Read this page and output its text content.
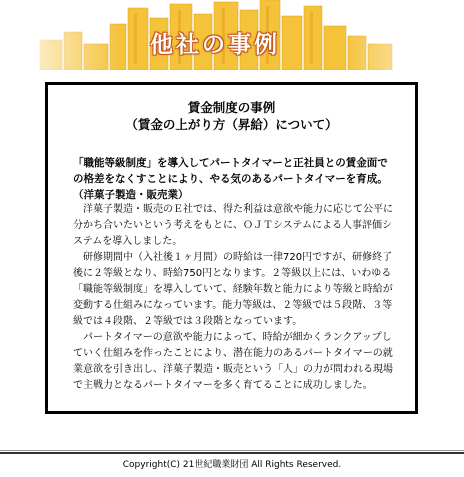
他社の事例
賃金制度の事例
（賃金の上がり方（昇給）について）
「職能等級制度」を導入してパートタイマーと正社員との賃金面での格差をなくすことにより、やる気のあるパートタイマーを育成。（洋菓子製造・販売業）

洋菓子製造・販売のＥ社では、得た利益は意欲や能力に応じて公平に分かち合いたいという考えをもとに、ＯＪＴシステムによる人事評価システムを導入しました。

研修期間中（入社後１ヶ月間）の時給は一律720円ですが、研修終了後に２等級となり、時給750円となります。２等級以上には、いわゆる「職能等級制度」を導入していて、経験年数と能力により等級と時給が変動する仕組みになっています。能力等級は、２等級では５段階、３等級では４段階、２等級では３段階となっています。

パートタイマーの意欲や能力によって、時給が細かくランクアップしていく仕組みを作ったことにより、潜在能力のあるパートタイマーの就業意欲を引き出し、洋菓子製造・販売という「人」の力が問われる現場で主戦力となるパートタイマーを多く育てることに成功しました。

Copyright(C) 21世紀職業財団 All Rights Reserved.
